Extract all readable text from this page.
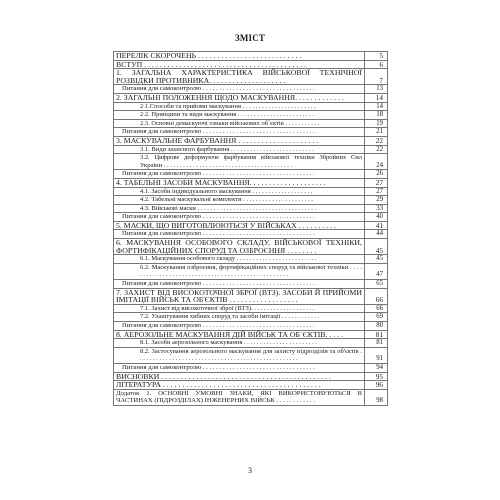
ЗМІСТ
ПЕРЕЛІК СКОРОЧЕНЬ . . . . . . . . . . . . . . . . . . . . . . . . . . .	5
ВСТУП . . . . . . . . . . . . . . . . . . . . . . . . . . . . . . . . . . . . . . . . . .	6
1. ЗАГАЛЬНА ХАРАКТЕРИСТИКА ВІЙСЬКОВОЇ ТЕХНІЧНОЇ РОЗВІДКИ ПРОТИВНИКА. . . . . . . . . . . . . . . . . . . .	7
Питання для самоконтролю . . . . . . . . . . . . . . . . . . . . . . . . . . . . . . . . . .	13
2. ЗАГАЛЬНІ ПОЛОЖЕННЯ ЩОДО МАСКУВАННЯ. . . . . . . . . . . . .	14
2.1.Способи та прийоми маскування . . . . . . . . . . . . . . . . . . . . . . .	14
2.2. Принципи та види маскування . . . . . . . . . . . . . . . . . . . . . . . .	18
2.3. Основні демаскуючі ознаки військових об`єктів . . . . . . . . . . .	19
Питання для самоконтролю . . . . . . . . . . . . . . . . . . . . . . . . . . . . . . . . . .	21
3. МАСКУВАЛЬНЕ ФАРБУВАННЯ . . . . . . . . . . . . . . . . . . . . .	22
3.1. Види захисного фарбування . . . . . . . . . . . . . . . . . . . . . . . . . .	22
3.2. Цифрове деформуюче фарбування військової техніки Збройних Сил України . . . . . . . . . . . . . . . . . . . . . . . . . . . . . . . . . . . . . . . .	24
Питання для самоконтролю . . . . . . . . . . . . . . . . . . . . . . . . . . . . . . . . . .	26
4. ТАБЕЛЬНІ ЗАСОБИ МАСКУВАННЯ. . . . . . . . . . . . . . . . . . . .	27
4.1. Засоби індивідуального маскування . . . . . . . . . . . . . . . . . . .	27
4.2. Табельні маскувальні комплекти . . . . . . . . . . . . . . . . . . . . . .	29
4.3. Військові маски . . . . . . . . . . . . . . . . . . . . . . . . . . . . . . . . . . . . .	33
Питання для самоконтролю . . . . . . . . . . . . . . . . . . . . . . . . . . . . . . . . . .	40
5. МАСКИ, ЩО ВИГОТОВЛЮЮТЬСЯ У ВІЙСЬКАХ . . . . . . . . . .	41
Питання для самоконтролю . . . . . . . . . . . . . . . . . . . . . . . . . . . . . . . . . .	44
6. МАСКУВАННЯ ОСОБОВОГО СКЛАДУ, ВІЙСЬКОВОЇ ТЕХНІКИ, ФОРТИФІКАЦІЙНИХ СПОРУД ТА ОЗБРОЄННЯ . . . . . . . .	45
6.1. Маскування особового складу . . . . . . . . . . . . . . . . . . . . . . . . .	45
6.2. Маскування озброєння, фортифікаційних споруд та військової техніки . . . . . . . . . . . . . . . . . . . . . . . . . . . . . . . . . . . . . . . . . . . . . . . . . .	47
Питання для самоконтролю . . . . . . . . . . . . . . . . . . . . . . . . . . . . . . . . . .	65
7. ЗАХИСТ ВІД ВИСОКОТОЧНОЇ ЗБРОЇ (ВТЗ). ЗАСОБИ Й ПРИЙОМИ ІМІТАЦІЇ ВІЙСЬК ТА ОБ'ЄКТІВ . . . . . . . . . . . . . . . . . .	66
7.1. Захист від високоточної зброї (ВТЗ). . . . . . . . . . . . . . . . . . . .	66
7.2. Улаштування хибних споруд та засоби імітації . . . . . . . . . . . .	69
Питання для самоконтролю . . . . . . . . . . . . . . . . . . . . . . . . . . . . . . . . . .	80
8. АЕРОЗОЛЬНЕ МАСКУВАННЯ ДІЙ ВІЙСЬК ТА ОБ`ЄКТІВ. . . . .	81
8.1. Засоби аерозольного маскування . . . . . . . . . . . . . . . . . . . . . . .	81
8.2. Застосування аерозольного маскування для захисту підрозділів та об'єктів . . . . . . . . . . . . . . . . . . . . . . . . . . . . . . . . . . . . . . . . . . . . . . . . . .	91
Питання для самоконтролю . . . . . . . . . . . . . . . . . . . . . . . . . . . . . . . . . .	94
ВИСНОВКИ . . . . . . . . . . . . . . . . . . . . . . . . . . . . . . . . . . . . . . . . . . . .	95
ЛІТЕРАТУРА . . . . . . . . . . . . . . . . . . . . . . . . . . . . . . . . . . . . . . . . .	96
Додаток 1. ОСНОВНІ УМОВНІ ЗНАКИ, ЯКІ ВИКОРИСТОВУЮТЬСЯ В ЧАСТИНАХ (ПІДРОЗДІЛАХ) ІНЖЕНЕРНИХ ВІЙСЬК . . . . . . . . . . . .	98
3
